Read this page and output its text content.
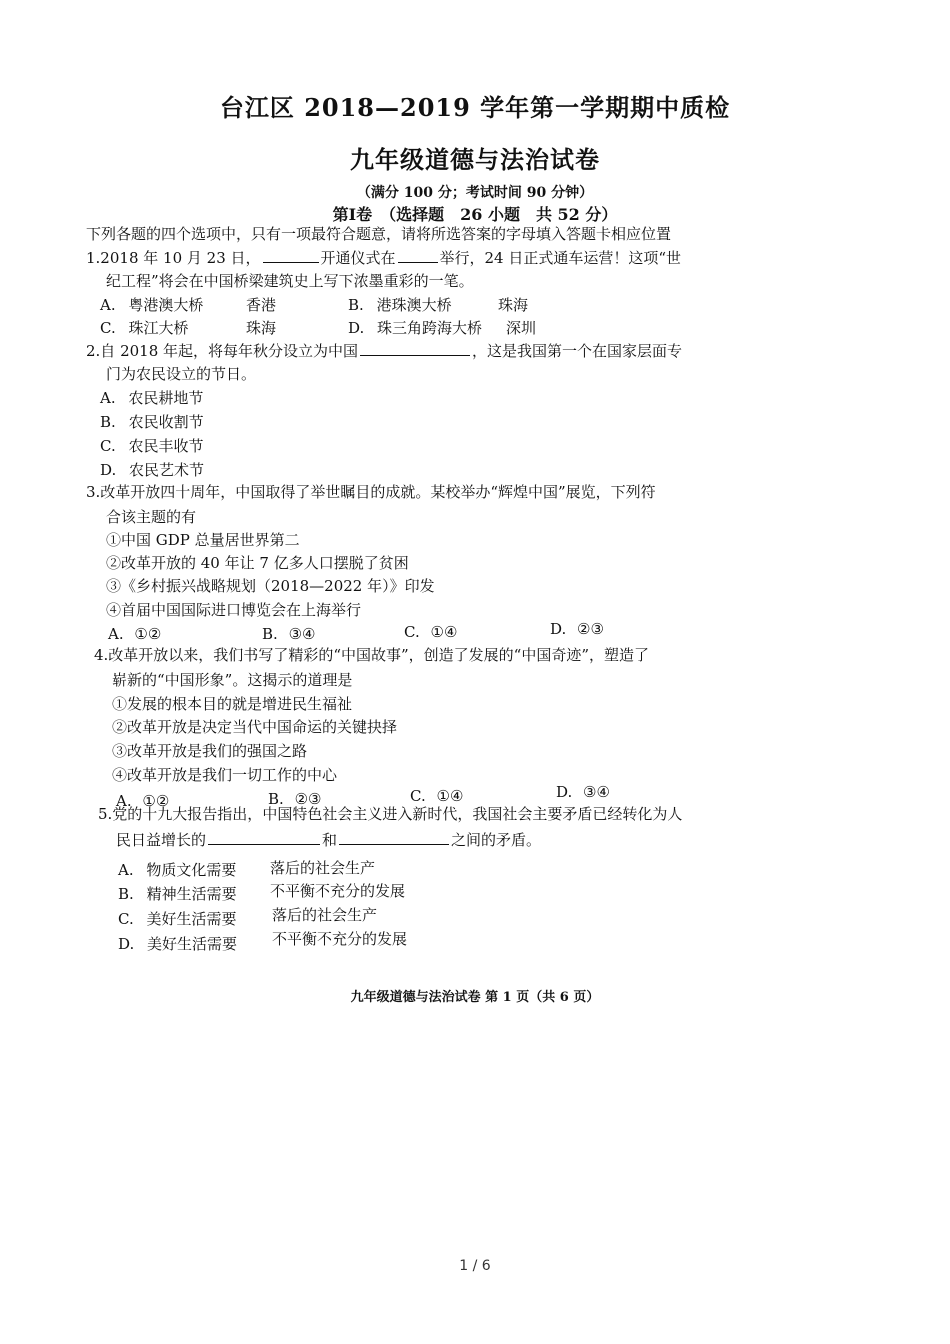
台江区 2018—2019 学年第一学期期中质检
九年级道德与法治试卷
（满分 100 分；考试时间 90 分钟）
第Ⅰ卷　（选择题　26 小题　共 52 分）
下列各题的四个选项中，只有一项最符合题意，请将所选答案的字母填入答题卡相应位置
1.2018 年 10 月 23 日，	开通仪式在	举行，24 日正式通车运营！这项“世
纪工程”将会在中国桥梁建筑史上写下浓墨重彩的一笔。
A. 粤港澳大桥	香港	B. 港珠澳大桥	珠海
C. 珠江大桥	珠海	D. 珠三角跨海大桥 深圳
2.自 2018 年起，将每年秋分设立为中国	，这是我国第一个在国家层面专
门为农民设立的节日。
A. 农民耕地节
B. 农民收割节
C. 农民丰收节
D. 农民艺术节
3.改革开放四十周年，中国取得了举世瞩目的成就。某校举办“辉煌中国”展览，下列符
合该主题的有
①中国 GDP 总量居世界第二
②改革开放的 40 年让 7 亿多人口摆脱了贫困
③《乡村振兴战略规划（2018—2022 年）》印发
④首届中国国际进口博览会在上海举行
A. ①②	B. ③④	C. ①④	D. ②③
4.改革开放以来，我们书写了精彩的“中国故事”，创造了发展的“中国奇迹”，塑造了
崭新的“中国形象”。这揭示的道理是
①发展的根本目的就是增进民生福祉
②改革开放是决定当代中国命运的关键抉择
③改革开放是我们的强国之路
④改革开放是我们一切工作的中心
A. ①②	B. ②③	C. ①④	D. ③④
5.党的十九大报告指出，中国特色社会主义进入新时代，我国社会主要矛盾已经转化为人
民日益增长的	和	之间的矛盾。
A. 物质文化需要 落后的社会生产
B. 精神生活需要 不平衡不充分的发展
C. 美好生活需要 落后的社会生产
D. 美好生活需要 不平衡不充分的发展
九年级道德与法治试卷 第 1 页（共 6 页）
1 / 6
